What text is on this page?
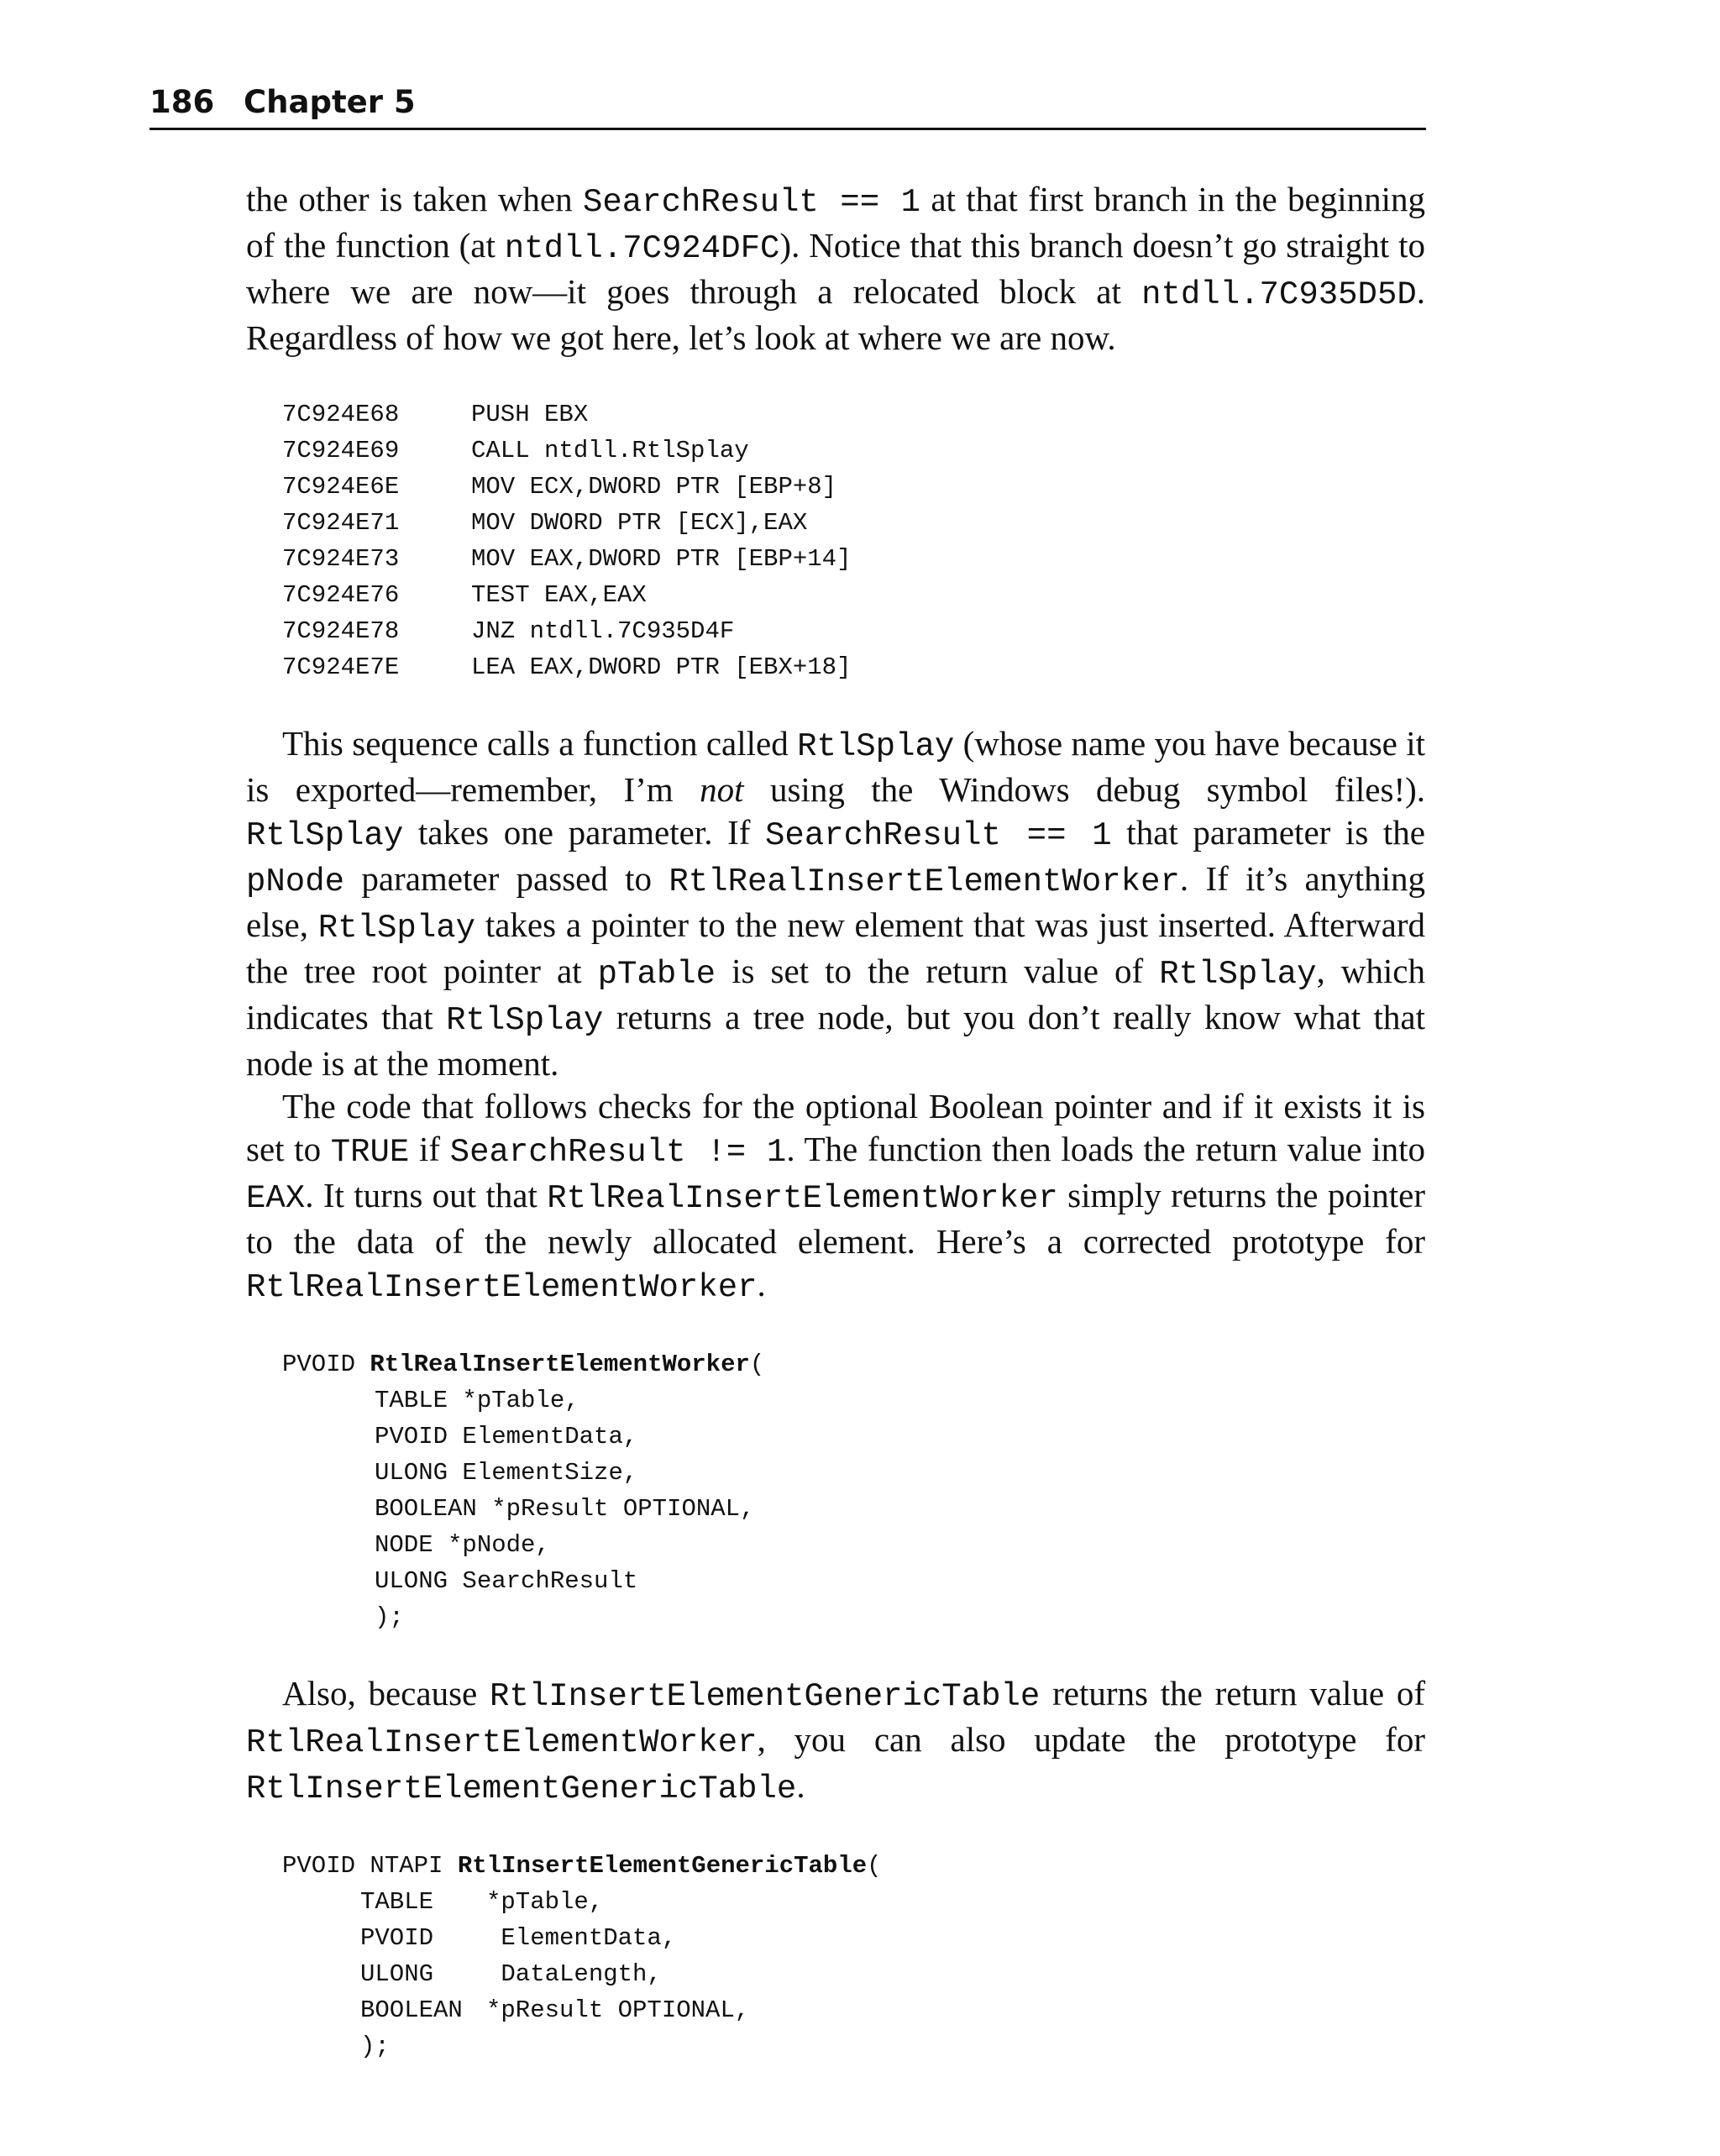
186 Chapter 5

the other is taken when SearchResult == 1 at that first branch in the beginning of the function (at ntdll.7C924DFC). Notice that this branch doesn’t go straight to where we are now—it goes through a relocated block at ntdll.7C935D5D. Regardless of how we got here, let’s look at where we are now.

7C924E68	PUSH EBX
7C924E69	CALL ntdll.RtlSplay
7C924E6E	MOV ECX,DWORD PTR [EBP+8]
7C924E71	MOV DWORD PTR [ECX],EAX
7C924E73	MOV EAX,DWORD PTR [EBP+14]
7C924E76	TEST EAX,EAX
7C924E78	JNZ ntdll.7C935D4F
7C924E7E	LEA EAX,DWORD PTR [EBX+18]

This sequence calls a function called RtlSplay (whose name you have because it is exported—remember, I’m not using the Windows debug symbol files!). RtlSplay takes one parameter. If SearchResult == 1 that parameter is the pNode parameter passed to RtlRealInsertElementWorker. If it’s anything else, RtlSplay takes a pointer to the new element that was just inserted. Afterward the tree root pointer at pTable is set to the return value of RtlSplay, which indicates that RtlSplay returns a tree node, but you don’t really know what that node is at the moment.

The code that follows checks for the optional Boolean pointer and if it exists it is set to TRUE if SearchResult != 1. The function then loads the return value into EAX. It turns out that RtlRealInsertElementWorker simply returns the pointer to the data of the newly allocated element. Here’s a corrected prototype for RtlRealInsertElementWorker.

PVOID RtlRealInsertElementWorker (
TABLE *pTable,
PVOID ElementData,
ULONG ElementSize,
BOOLEAN *pResult OPTIONAL,
NODE *pNode,
ULONG SearchResult
);

Also, because RtlInsertElementGenericTable returns the return value of RtlRealInsertElementWorker, you can also update the prototype for RtlInsertElementGenericTable.

PVOID NTAPI RtlInsertElementGenericTable (
TABLE	*pTable,
PVOID	ElementData,
ULONG	DataLength,
BOOLEAN *pResult OPTIONAL,
);
